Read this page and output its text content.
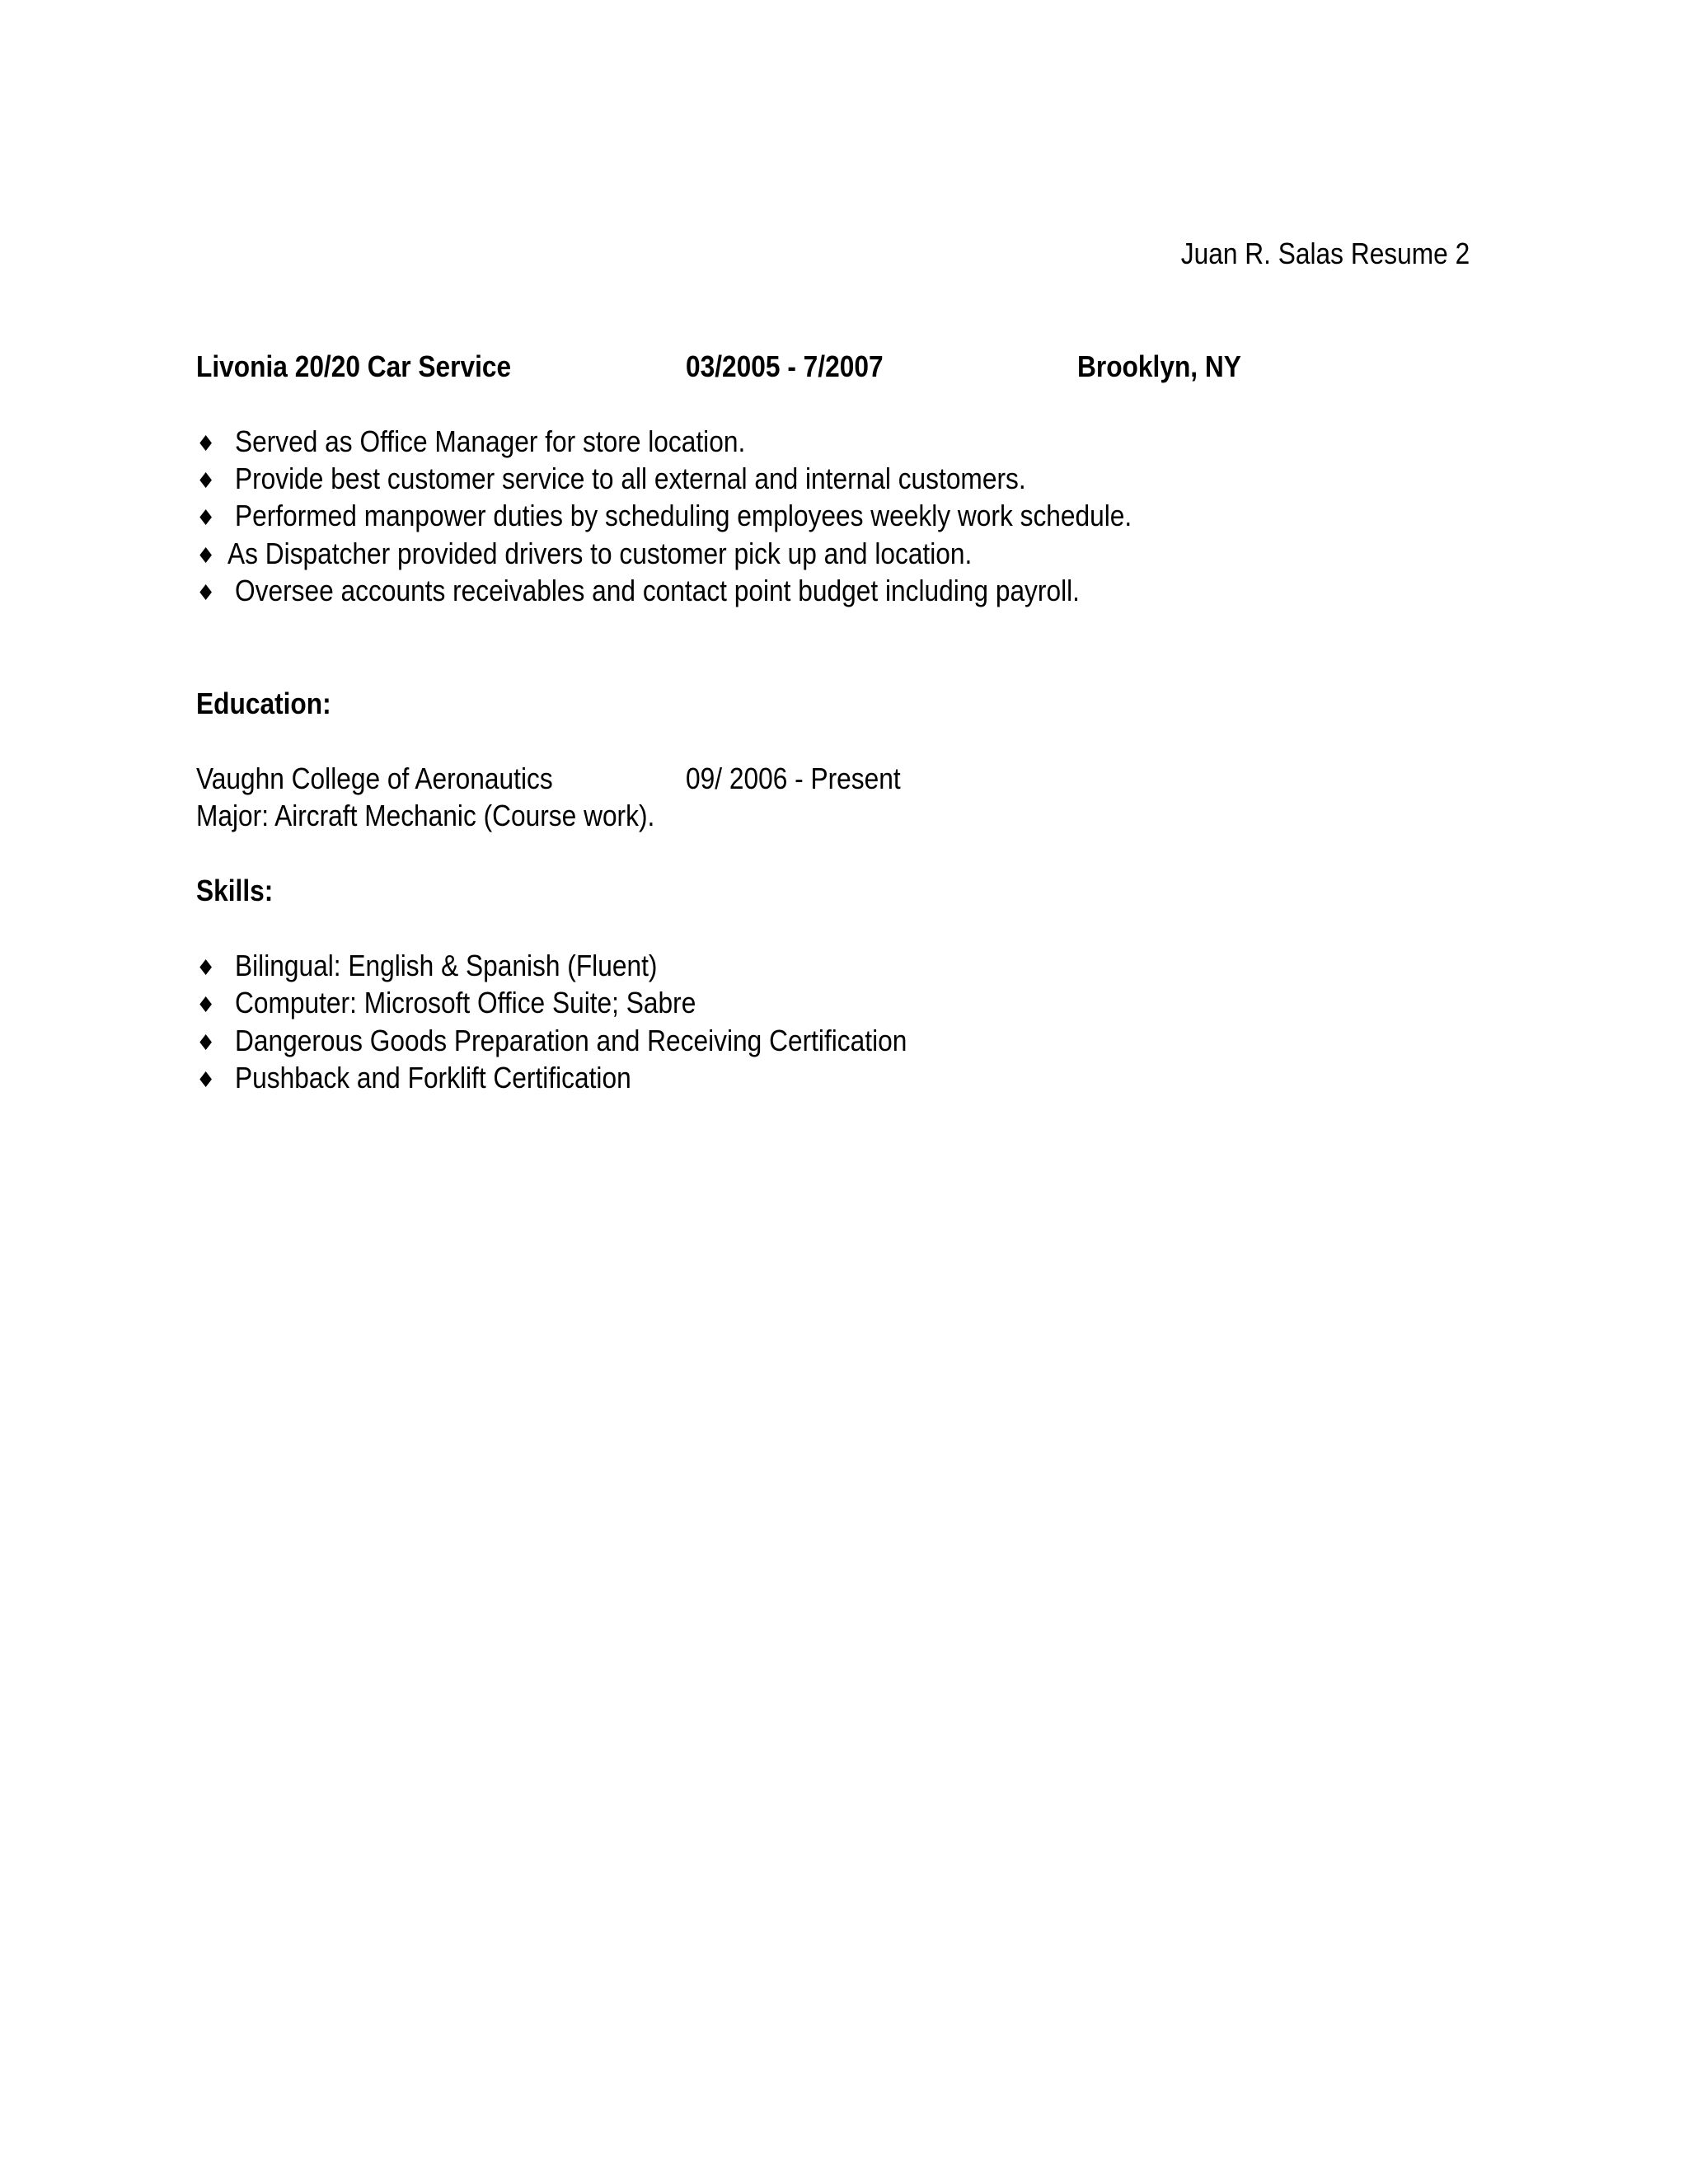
Juan R. Salas Resume 2
Livonia 20/20 Car Service	03/2005 - 7/2007	Brooklyn, NY
♦ Served as Office Manager for store location.
♦ Provide best customer service to all external and internal customers.
♦ Performed manpower duties by scheduling employees weekly work schedule.
♦ As Dispatcher provided drivers to customer pick up and location.
♦ Oversee accounts receivables and contact point budget including payroll.
Education:
Vaughn College of Aeronautics	09/ 2006 - Present
Major: Aircraft Mechanic (Course work).
Skills:
♦ Bilingual: English & Spanish (Fluent)
♦ Computer: Microsoft Office Suite; Sabre
♦ Dangerous Goods Preparation and Receiving Certification
♦ Pushback and Forklift Certification
